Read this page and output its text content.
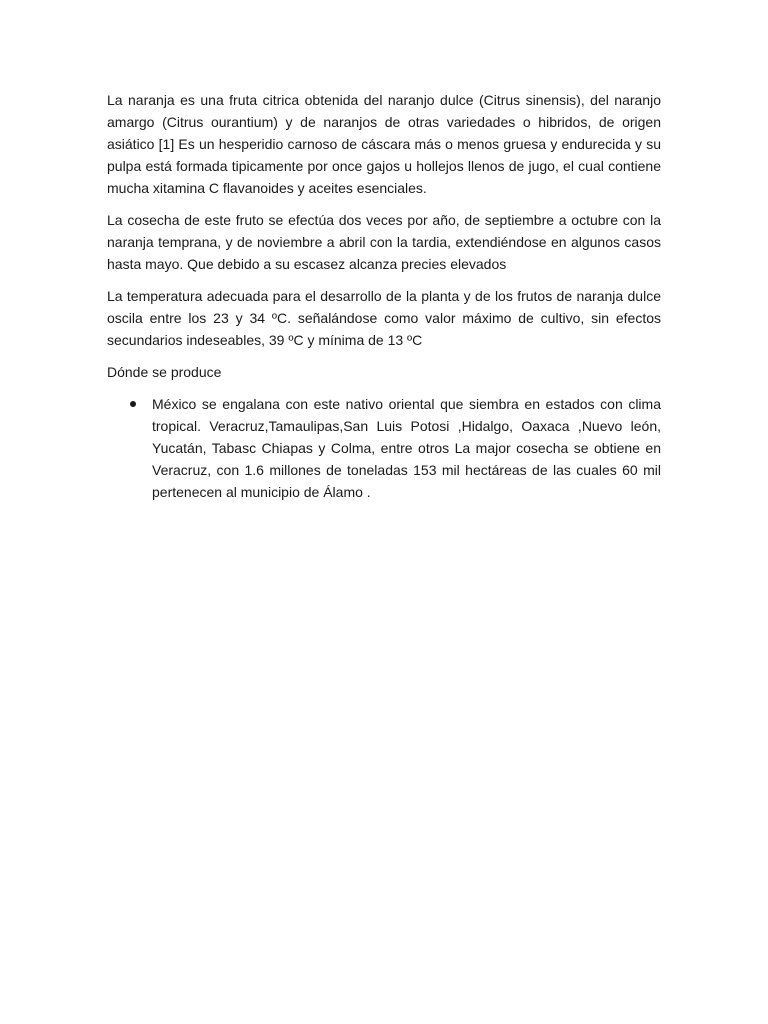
La naranja es una fruta citrica obtenida del naranjo dulce (Citrus sinensis), del naranjo amargo (Citrus ourantium) y de naranjos de otras variedades o hibridos, de origen asiático [1] Es un hesperidio carnoso de cáscara más o menos gruesa y endurecida y su pulpa está formada tipicamente por once gajos u hollejos llenos de jugo, el cual contiene mucha xitamina C flavanoides y aceites esenciales.

La cosecha de este fruto se efectúa dos veces por año, de septiembre a octubre con la naranja temprana, y de noviembre a abril con la tardia, extendiéndose en algunos casos hasta mayo. Que debido a su escasez alcanza precies elevados

La temperatura adecuada para el desarrollo de la planta y de los frutos de naranja dulce oscila entre los 23 y 34 ºC. señalándose como valor máximo de cultivo, sin efectos secundarios indeseables, 39 ºC y mínima de 13 ºC

Dónde se produce

México se engalana con este nativo oriental que siembra en estados con clima tropical. Veracruz,Tamaulipas,San Luis Potosi ,Hidalgo, Oaxaca ,Nuevo león, Yucatán, Tabasc Chiapas y Colma, entre otros La major cosecha se obtiene en Veracruz, con 1.6 millones de toneladas 153 mil hectáreas de las cuales 60 mil pertenecen al municipio de Álamo .
